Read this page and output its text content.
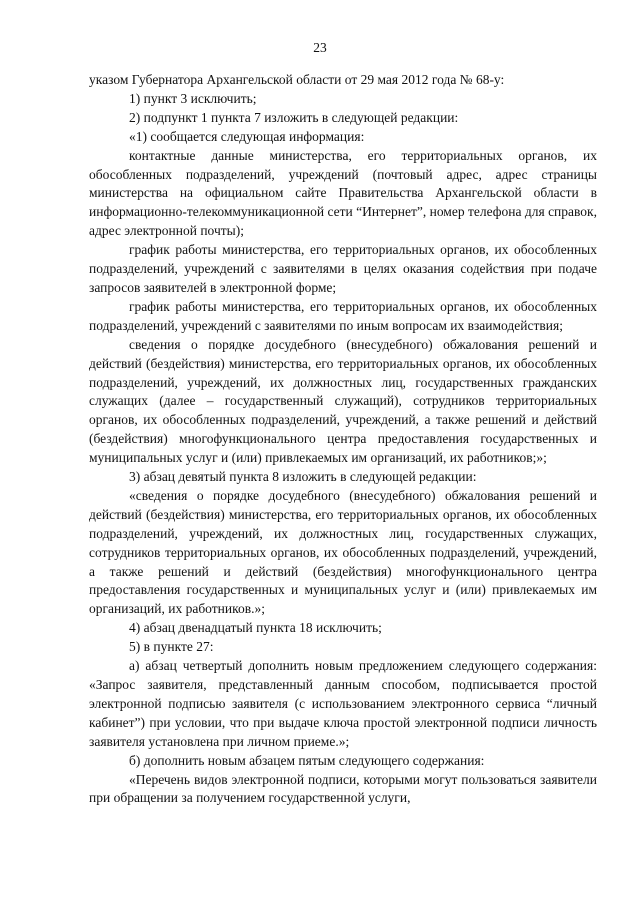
23

указом Губернатора Архангельской области от 29 мая 2012 года № 68-у:

1) пункт 3 исключить;

2) подпункт 1 пункта 7 изложить в следующей редакции:

«1) сообщается следующая информация:

контактные данные министерства, его территориальных органов, их обособленных подразделений, учреждений (почтовый адрес, адрес страницы министерства на официальном сайте Правительства Архангельской области в информационно-телекоммуникационной сети “Интернет”, номер телефона для справок, адрес электронной почты);

график работы министерства, его территориальных органов, их обособленных подразделений, учреждений с заявителями в целях оказания содействия при подаче запросов заявителей в электронной форме;

график работы министерства, его территориальных органов, их обособленных подразделений, учреждений с заявителями по иным вопросам их взаимодействия;

сведения о порядке досудебного (внесудебного) обжалования решений и действий (бездействия) министерства, его территориальных органов, их обособленных подразделений, учреждений, их должностных лиц, государственных гражданских служащих (далее – государственный служащий), сотрудников территориальных органов, их обособленных подразделений, учреждений, а также решений и действий (бездействия) многофункционального центра предоставления государственных и муниципальных услуг и (или) привлекаемых им организаций, их работников;»;

3) абзац девятый пункта 8 изложить в следующей редакции:

«сведения о порядке досудебного (внесудебного) обжалования решений и действий (бездействия) министерства, его территориальных органов, их обособленных подразделений, учреждений, их должностных лиц, государственных служащих, сотрудников территориальных органов, их обособленных подразделений, учреждений, а также решений и действий (бездействия) многофункционального центра предоставления государственных и муниципальных услуг и (или) привлекаемых им организаций, их работников.»;

4) абзац двенадцатый пункта 18 исключить;

5) в пункте 27:

а) абзац четвертый дополнить новым предложением следующего содержания: «Запрос заявителя, представленный данным способом, подписывается простой электронной подписью заявителя (с использованием электронного сервиса “личный кабинет”) при условии, что при выдаче ключа простой электронной подписи личность заявителя установлена при личном приеме.»;

б) дополнить новым абзацем пятым следующего содержания:

«Перечень видов электронной подписи, которыми могут пользоваться заявители при обращении за получением государственной услуги,
